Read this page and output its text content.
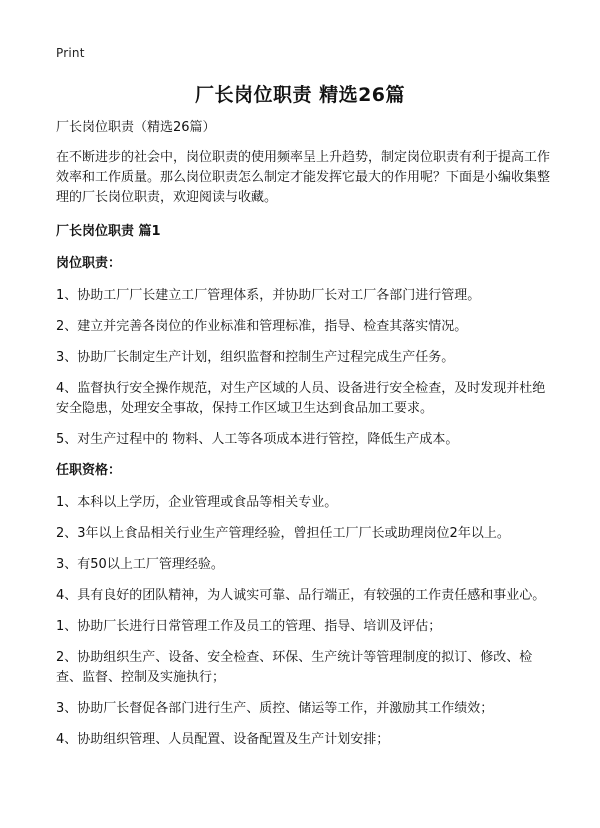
Print
厂长岗位职责 精选26篇

厂长岗位职责（精选26篇）

在不断进步的社会中，岗位职责的使用频率呈上升趋势，制定岗位职责有利于提高工作效率和工作质量。那么岗位职责怎么制定才能发挥它最大的作用呢？下面是小编收集整理的厂长岗位职责，欢迎阅读与收藏。

厂长岗位职责 篇1

岗位职责：

1、协助工厂厂长建立工厂管理体系，并协助厂长对工厂各部门进行管理。

2、建立并完善各岗位的作业标准和管理标准，指导、检查其落实情况。

3、协助厂长制定生产计划，组织监督和控制生产过程完成生产任务。

4、监督执行安全操作规范，对生产区域的人员、设备进行安全检查，及时发现并杜绝安全隐患，处理安全事故，保持工作区域卫生达到食品加工要求。

5、对生产过程中的 物料、人工等各项成本进行管控，降低生产成本。

任职资格：

1、本科以上学历，企业管理或食品等相关专业。

2、3年以上食品相关行业生产管理经验，曾担任工厂厂长或助理岗位2年以上。

3、有50以上工厂管理经验。

4、具有良好的团队精神，为人诚实可靠、品行端正，有较强的工作责任感和事业心。

1、协助厂长进行日常管理工作及员工的管理、指导、培训及评估；

2、协助组织生产、设备、安全检查、环保、生产统计等管理制度的拟订、修改、检查、监督、控制及实施执行；

3、协助厂长督促各部门进行生产、质控、储运等工作，并激励其工作绩效；

4、协助组织管理、人员配置、设备配置及生产计划安排；
